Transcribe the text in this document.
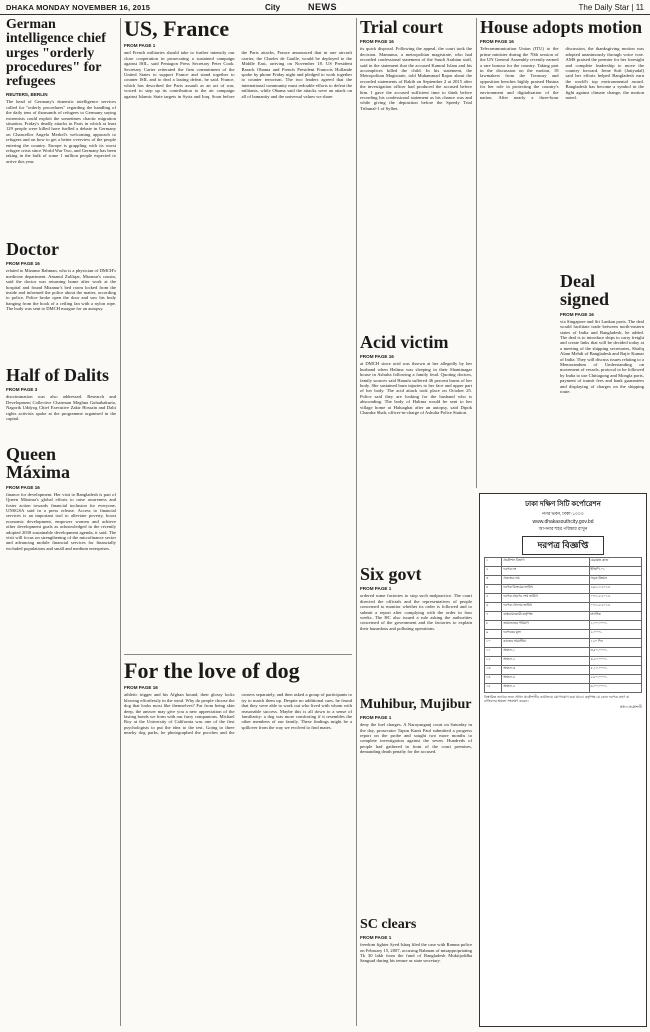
DHAKA MONDAY NOVEMBER 16, 2015	City	NEWS	The Daily Star | 11
German intelligence chief urges "orderly procedures" for refugees

REUTERS, BERLIN

The head of Germany's domestic intelligence services called for "orderly procedures" regarding the handling of the daily tens of thousands of refugees to Germany saying extremists could exploit the sometimes chaotic migration situation. Friday's deadly attacks in Paris in which at least 129 people were killed have fuelled a debate in Germany on Chancellor Angela Merkel's welcoming approach to refugees and on how to get a better overview of the people entering the country. Europe is grappling with its worst refugee crisis since World War Two, and Germany has been taking in the bulk of some 1 million people expected to arrive this year.

Doctor

FROM PAGE 16

related to Mizanur Rahman, who is a physician of DMCH's medicine department. Amanul Zulfiqar, Mizanur's cousin, said the doctor was returning home after work at the hospital and found Mizanur's bed room locked from the inside and informed the police about the matter, according to police. Police broke open the door and saw his body hanging from the hook of a ceiling fan with a nylon rope. The body was sent to DMCH morgue for an autopsy.

Half of Dalits

FROM PAGE 3

discrimination was also addressed. Research and Development Collective Chairman Meghna Guhathakurta, Nagorik Uddyog Chief Executive Zakir Hossain and Dalit rights activists spoke at the programme organised in the capital.

Queen Máxima

FROM PAGE 16

finance for development. Her visit to Bangladesh is part of Queen Máxima's global efforts to raise awareness and foster action towards financial inclusion for everyone, UNSGSA said in a press release. Access to financial services is an important tool to alleviate poverty, boost economic development, empower women and achieve other development goals as acknowledged in the recently adopted 2030 sustainable development agenda, it said. The visit will focus on strengthening of the microfinance sector and advancing mobile financial services for financially excluded populations and small and medium enterprises.

US, France

FROM PAGE 1

and French militaries should take to further intensify our close cooperation in prosecuting a sustained campaign against ISIL, said Pentagon Press Secretary Peter Cook. Secretary Carter reiterated the firm commitment of the United States to support France and stand together to counter ISIL and to deal a lasting defeat, he said. France, which has described the Paris assault as an act of war, vowed to step up its contribution to the air campaign against Islamic State targets in Syria and Iraq. Soon before the Paris attacks, France announced that in one aircraft carrier, the Charles de Gaulle, would be deployed to the Middle East, arriving on November 18. US President Barack Obama and French President Francois Hollande spoke by phone Friday night and pledged to work together to counter terrorism. The two leaders agreed that the international community must redouble efforts to defeat the militants, while Obama said the attacks were an attack on all of humanity and the universal values we share.

For the love of dog

FROM PAGE 16

athletic trigger and his Afghan hound, their glossy locks blowing effortlessly in the wind. Why do people choose the dog that looks most like themselves? Far from being skin deep, the answer may give you a new appreciation of the lasting bonds we form with our furry companions. Michael Roy at the University of California was one of the first psychologists to put the idea to the test. Going to three nearby dog parks, he photographed the pooches and the owners separately, and then asked a group of participants to try to match them up. Despite no additional cues, he found that they were able to work out who lived with whom with reasonable success. Maybe this is all down to a sense of familiarity: a dog was more comforting if it resembles the other members of our family. These findings might be a spillover from the way we evolved to find mates.

Trial court

FROM PAGE 16

its quick disposal. Following the appeal, the court took the decision. Mamunur, a metropolitan magistrate, who had recorded confessional statement of the Saudi Arabian staff, said in the statement that the accused Kamrul Islam and his accomplices killed the child. In his statement, the Metropolitan Magistrate, told Muhammad Rajon about the recorded statements of Rakib on September 2 at 2015 after the investigation officer had produced the accused before him. I gave the accused sufficient time to think before recording his confessional statement as his chance was and while giving the deposition before the Speedy Trial Tribunal-1 of Sylhet.

Acid victim

FROM PAGE 16

at DMCH since acid was thrown at her allegedly by her husband when Halima was sleeping in their Shantinagar house in Ashulia following a family feud. Quoting doctors, family sources said Hanufa suffered 46 percent burns of her body. She sustained burn injuries to her face and upper part of her body. The acid attack took place on October 25. Police said they are looking for the husband who is absconding. The body of Halima would be sent to her village home at Haluaghat after an autopsy, said Dipok Chandra Shah, officer-in-charge of Ashulia Police Station.

Six govt

FROM PAGE 1

ordered some factories to stop such malpractice. The court directed the officials and the representatives of people concerned to monitor whether its order is followed and to submit a report after complying with the order in four weeks. The HC also issued a rule asking the authorities concerned of the government and the factories to explain their hazardous and polluting operations.

Muhibur, Mujibur

FROM PAGE 1

deny the fuel charges. A Narayanganj court on Saturday in the day, prosecutor Tapon Kanti Paul submitted a progress report on the probe and sought two more months to complete investigation against the seven. Hundreds of people had gathered in front of the court premises, demanding death penalty for the accused.

SC clears

FROM PAGE 1

freedom fighter Syed Ishaq filed the case with Ramna police on February 15, 2007, accusing Rahman of misappropriating Tk 30 lakh from the fund of Bangladesh Muktijoddha Sangsad during his tenure as state secretary.

House adopts motion

FROM PAGE 16

Telecommunication Union (ITU) to the prime minister during the 70th session of the UN General Assembly recently earned a rare honour for the country. Taking part in the discussion on the motion, 18 lawmakers from the Treasury and opposition benches highly praised Hasina for her role in protecting the country's environment and digitalisation of the nation. After nearly a three-hour discussion, the thanksgiving motion was adopted unanimously through voice vote. AMS praised the premier for her foresight and complete leadership to move the country forward. Irene Sufi (Jatiyadal) said her efforts helped Bangladesh earn the world's top environmental award. Bangladesh has become a symbol in the fight against climate change, the motion noted.

Deal signed

FROM PAGE 16

via Singapore and Sri Lankan ports. The deal would facilitate trade between north-eastern states of India and Bangladesh, he added. The deal is to introduce ships to carry freight and create links that will be decided today at a meeting of the shipping secretaries, Shafiq Alam Mehdi of Bangladesh and Rajiv Kumar of India. They will discuss issues relating to a Memorandum of Understanding on movement of vessels, protocol to be followed by India to use Chittagong and Mongla ports, payment of transit fees and bank guarantees and displaying of charges on the shipping route.

ঢাকা দক্ষিণ সিটি কর্পোরেশন
নগর ভবন, ঢাকা-১০০০
www.dhakasouthcity.gov.bd
আপনার শহর পরিষ্কার রাখুন
দরপত্র বিজ্ঞপ্তি
১	প্রকৌশল বিভাগ	মেরামত কাজ
২	দরপত্র নং	ইজিপি-০১
৩	প্রকল্পের নাম	সড়ক উন্নয়ন
৪	দরপত্র বিক্রয়ের তারিখ	১৬/১১/২০১৫
৫	দরপত্র গ্রহণের শেষ তারিখ	০৭/১২/২০১৫
৬	দরপত্র খোলার তারিখ	০৭/১২/২০১৫
৭	বাস্তবায়নকারী কর্তৃপক্ষ	ঢাদসিক
৮	জামানতের পরিমাণ	১,০০,০০০/-
৯	দরপত্রের মূল্য	২,০০০/-
১০	কাজের সময়সীমা	১২০ দিন
১১	অঞ্চল-১	৩,৫০,০০০/-
১২	অঞ্চল-২	৪,২০,০০০/-
১৩	অঞ্চল-৩	৫,১০,০০০/-
১৪	অঞ্চল-৪	২,৮০,০০০/-
১৫	অঞ্চল-৫	৬,০০,০০০/-
বিস্তারিত তথ্যের জন্য প্রধান প্রকৌশলীর কার্যালয়ে যোগাযোগ করা যাবে। কর্তৃপক্ষ যে কোন দরপত্র গ্রহণ বা বাতিলের ক্ষমতা সংরক্ষণ করেন।
প্রধান প্রকৌশলী
